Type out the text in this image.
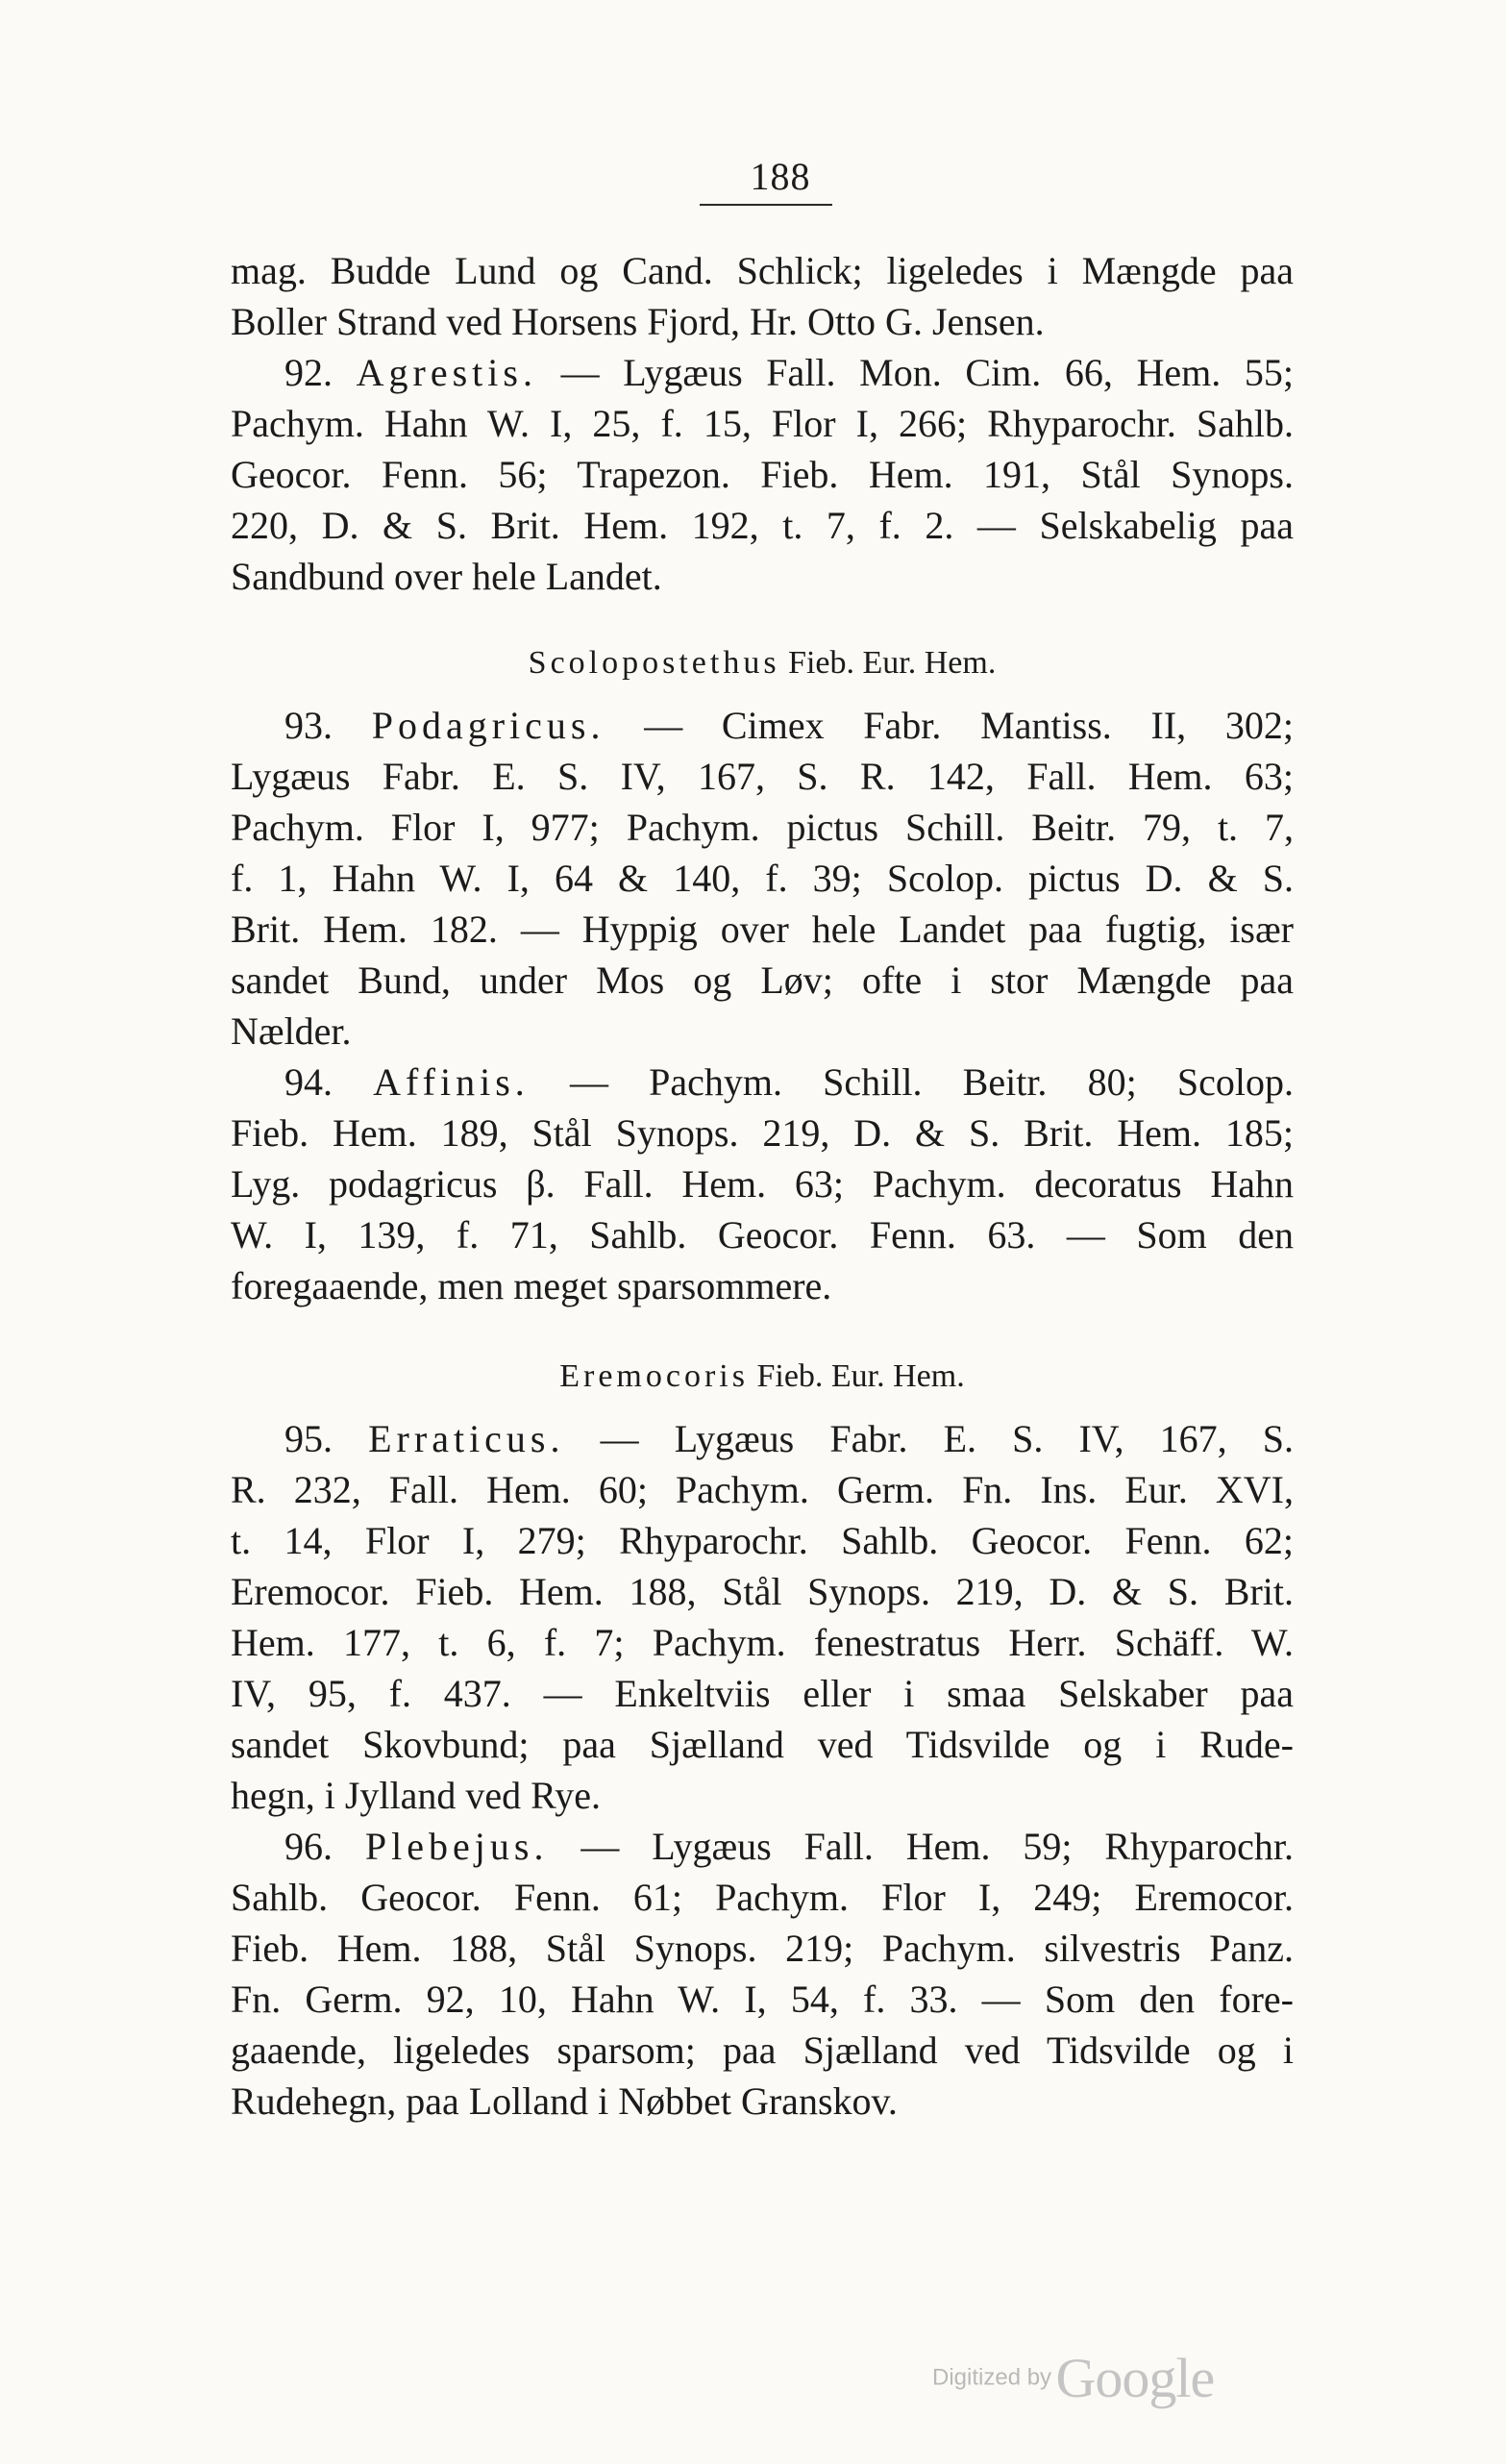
188

mag. Budde Lund og Cand. Schlick; ligeledes i Mængde paa

Boller Strand ved Horsens Fjord, Hr. Otto G. Jensen.

92. Agrestis. — Lygæus Fall. Mon. Cim. 66, Hem. 55;

Pachym. Hahn W. I, 25, f. 15, Flor I, 266; Rhyparochr. Sahlb.

Geocor. Fenn. 56; Trapezon. Fieb. Hem. 191, Stål Synops.

220, D. & S. Brit. Hem. 192, t. 7, f. 2. — Selskabelig paa

Sandbund over hele Landet.

Scolopostethus Fieb. Eur. Hem.

93. Podagricus. — Cimex Fabr. Mantiss. II, 302;

Lygæus Fabr. E. S. IV, 167, S. R. 142, Fall. Hem. 63;

Pachym. Flor I, 977; Pachym. pictus Schill. Beitr. 79, t. 7,

f. 1, Hahn W. I, 64 & 140, f. 39; Scolop. pictus D. & S.

Brit. Hem. 182. — Hyppig over hele Landet paa fugtig, især

sandet Bund, under Mos og Løv; ofte i stor Mængde paa

Nælder.

94. Affinis. — Pachym. Schill. Beitr. 80; Scolop.

Fieb. Hem. 189, Stål Synops. 219, D. & S. Brit. Hem. 185;

Lyg. podagricus β. Fall. Hem. 63; Pachym. decoratus Hahn

W. I, 139, f. 71, Sahlb. Geocor. Fenn. 63. — Som den

foregaaende, men meget sparsommere.

Eremocoris Fieb. Eur. Hem.

95. Erraticus. — Lygæus Fabr. E. S. IV, 167, S.

R. 232, Fall. Hem. 60; Pachym. Germ. Fn. Ins. Eur. XVI,

t. 14, Flor I, 279; Rhyparochr. Sahlb. Geocor. Fenn. 62;

Eremocor. Fieb. Hem. 188, Stål Synops. 219, D. & S. Brit.

Hem. 177, t. 6, f. 7; Pachym. fenestratus Herr. Schäff. W.

IV, 95, f. 437. — Enkeltviis eller i smaa Selskaber paa

sandet Skovbund; paa Sjælland ved Tidsvilde og i Rude-

hegn, i Jylland ved Rye.

96. Plebejus. — Lygæus Fall. Hem. 59; Rhyparochr.

Sahlb. Geocor. Fenn. 61; Pachym. Flor I, 249; Eremocor.

Fieb. Hem. 188, Stål Synops. 219; Pachym. silvestris Panz.

Fn. Germ. 92, 10, Hahn W. I, 54, f. 33. — Som den fore-

gaaende, ligeledes sparsom; paa Sjælland ved Tidsvilde og i

Rudehegn, paa Lolland i Nøbbet Granskov.

Digitized by Google
